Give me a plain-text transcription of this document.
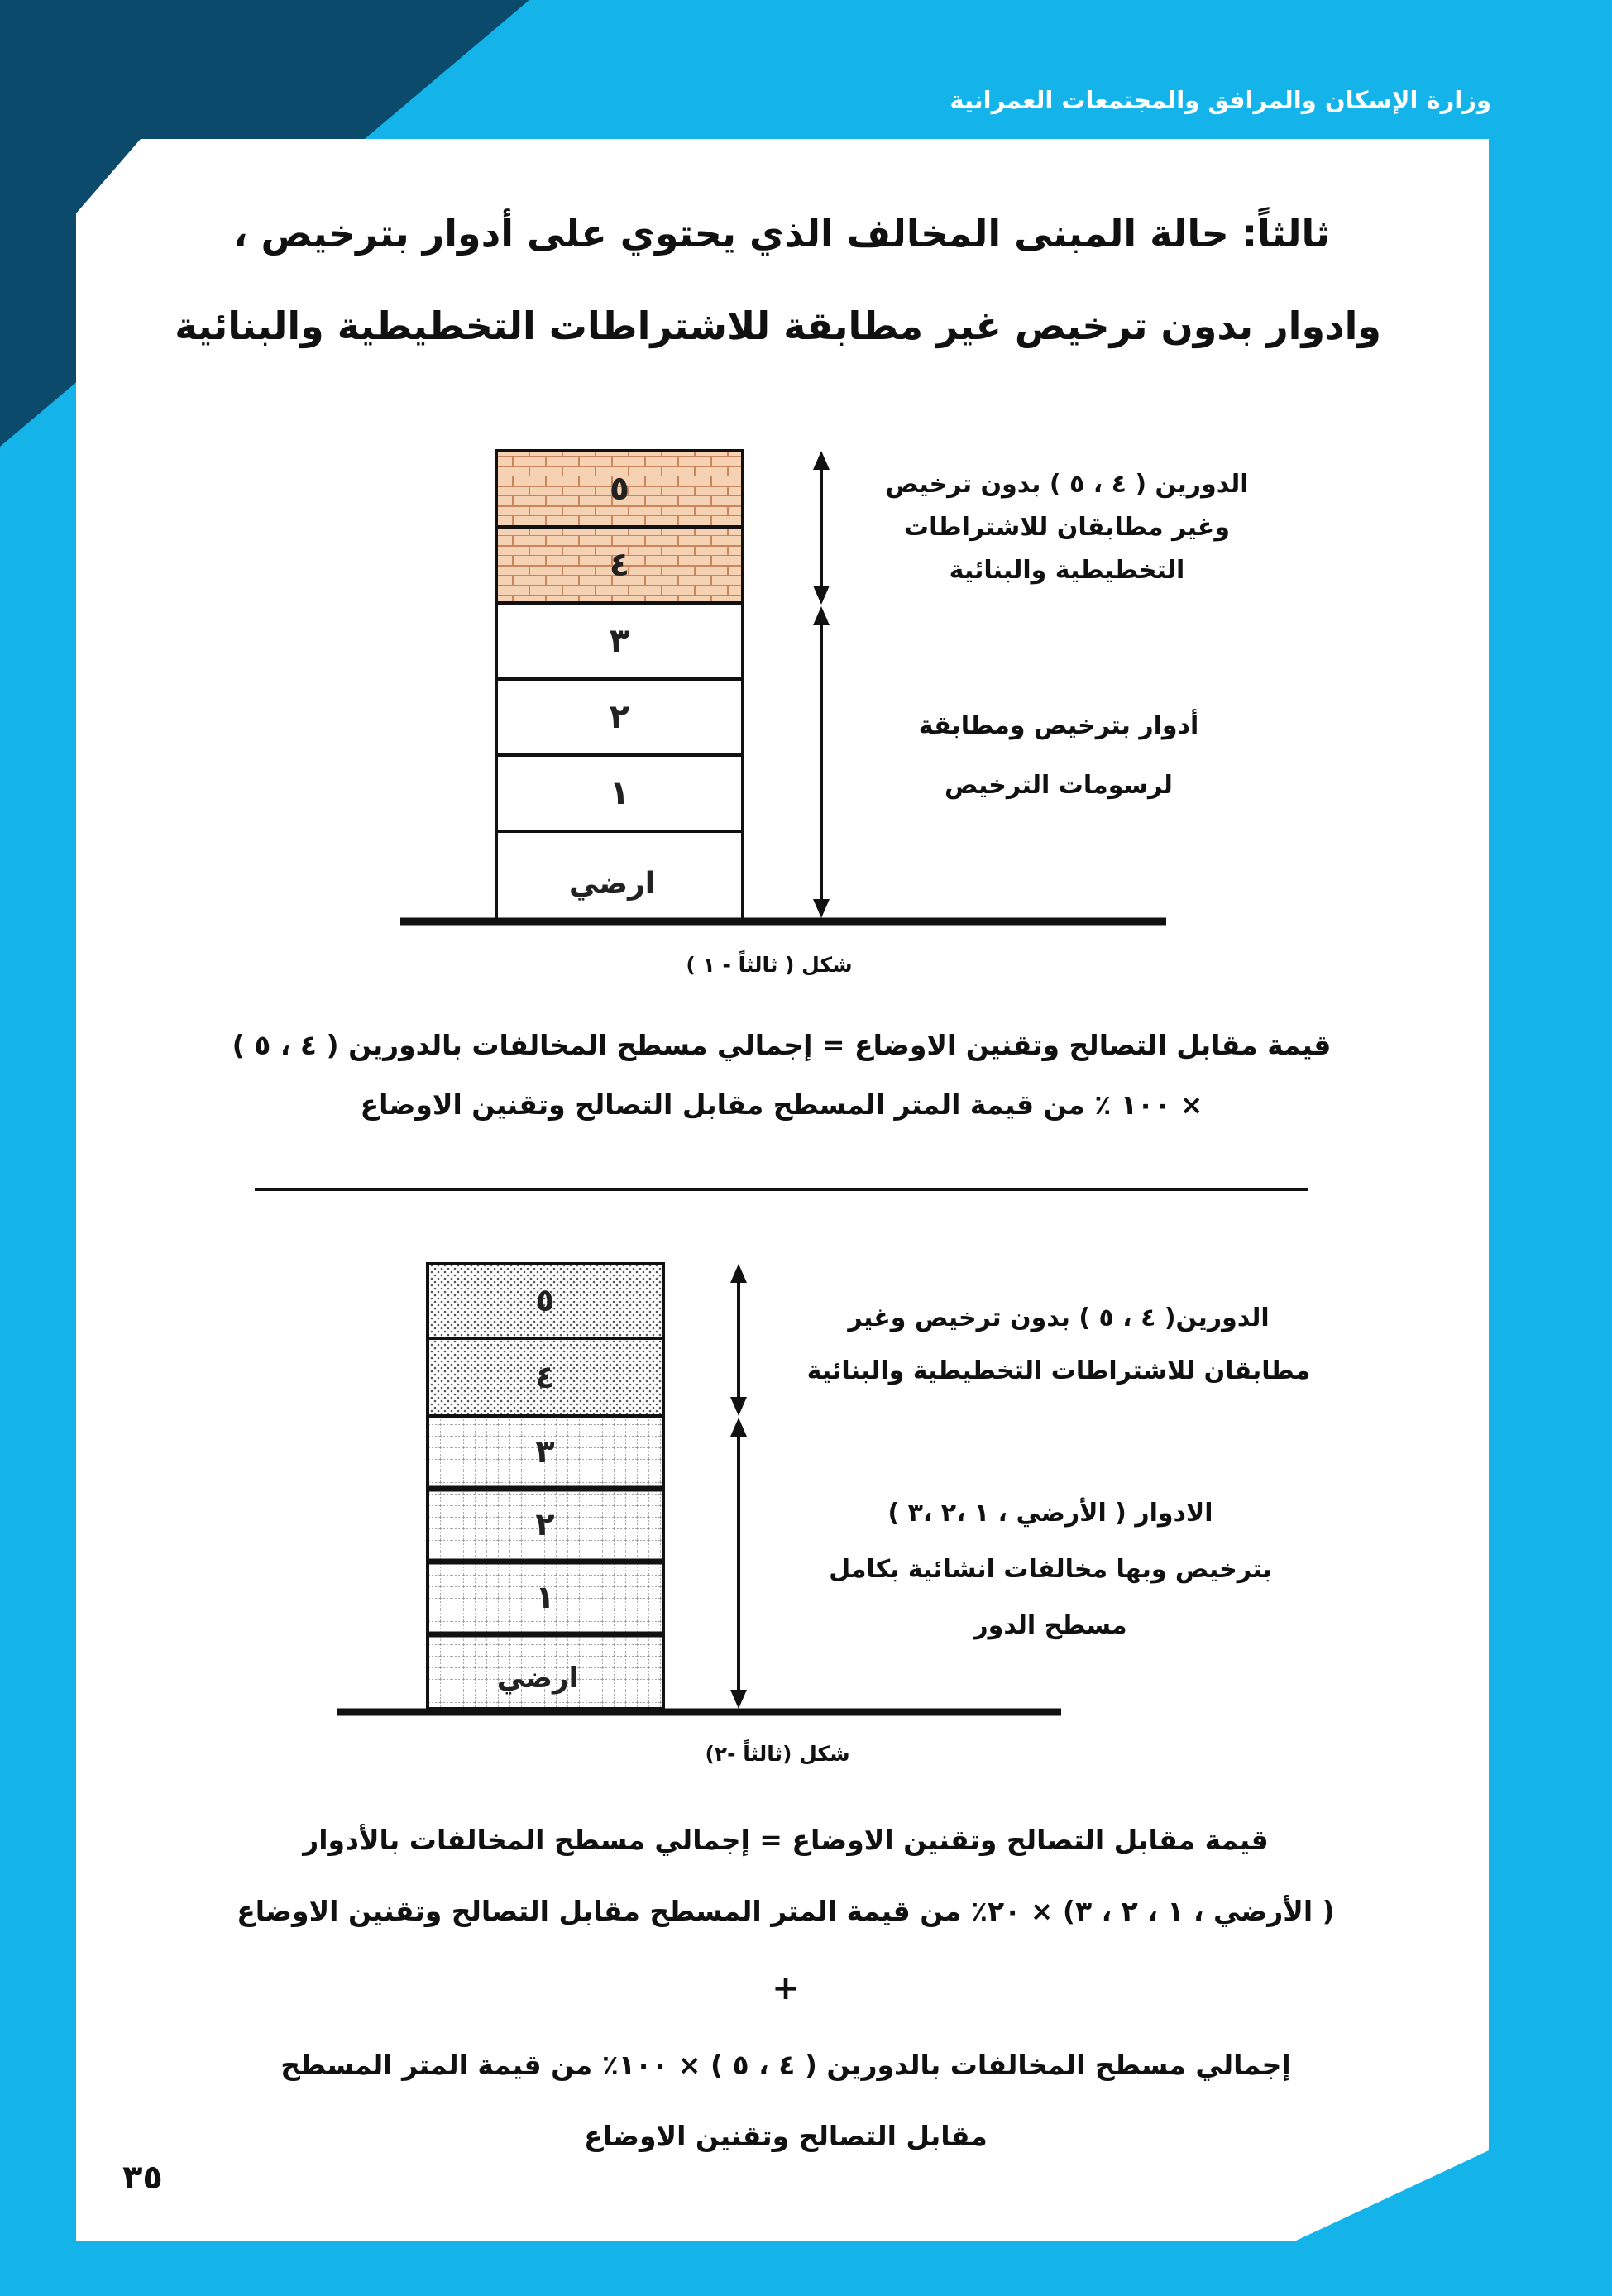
٥
٤
٣
٢
١
ارضي
٥
٤
٣
٢
١
ارضي
وزارة الإسكان والمرافق والمجتمعات العمرانية
ثالثاً: حالة المبنى المخالف الذي يحتوي على أدوار بترخيص ،
وادوار بدون ترخيص غير مطابقة للاشتراطات التخطيطية والبنائية
الدورين ( ٤ ، ٥ ) بدون ترخيص
وغير مطابقان للاشتراطات
التخطيطية والبنائية
أدوار بترخيص ومطابقة
لرسومات الترخيص
شكل ( ثالثاً - ١ )
قيمة مقابل التصالح وتقنين الاوضاع = إجمالي مسطح المخالفات بالدورين ( ٤ ، ٥ )
× ١٠٠ ٪ من قيمة المتر المسطح مقابل التصالح وتقنين الاوضاع
الدورين( ٤ ، ٥ ) بدون ترخيص وغير
مطابقان للاشتراطات التخطيطية والبنائية
الادوار ( الأرضي ، ١ ،٢ ،٣ )
بترخيص وبها مخالفات انشائية بكامل
مسطح الدور
شكل (ثالثاً -٢)
قيمة مقابل التصالح وتقنين الاوضاع = إجمالي مسطح المخالفات بالأدوار
( الأرضي ، ١ ، ٢ ، ٣) × ٢٠٪ من قيمة المتر المسطح مقابل التصالح وتقنين الاوضاع
+
إجمالي مسطح المخالفات بالدورين ( ٤ ، ٥ ) × ١٠٠٪ من قيمة المتر المسطح
مقابل التصالح وتقنين الاوضاع
٣٥
